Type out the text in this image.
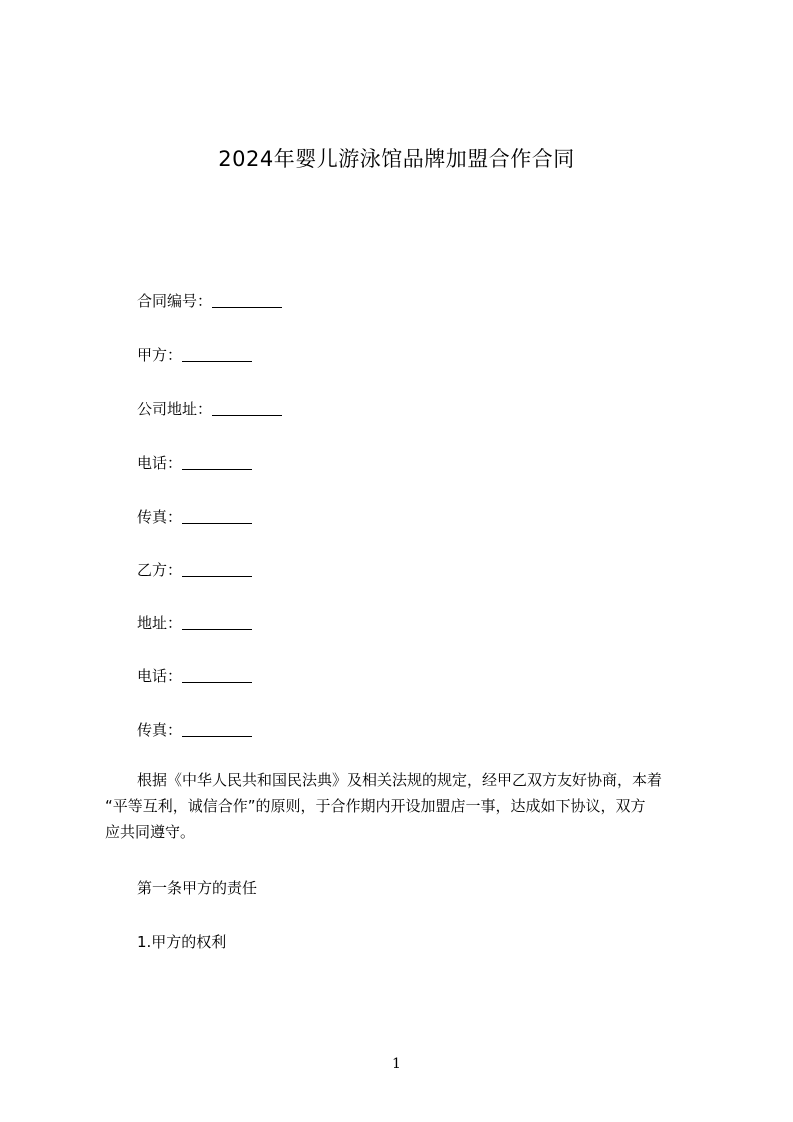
2024年婴儿游泳馆品牌加盟合作合同
合同编号：
甲方：
公司地址：
电话：
传真：
乙方：
地址：
电话：
传真：
根据《中华人民共和国民法典》及相关法规的规定，经甲乙双方友好协商，本着
“平等互利，诚信合作”的原则，于合作期内开设加盟店一事，达成如下协议，双方
应共同遵守。
第一条甲方的责任
1.甲方的权利
1
